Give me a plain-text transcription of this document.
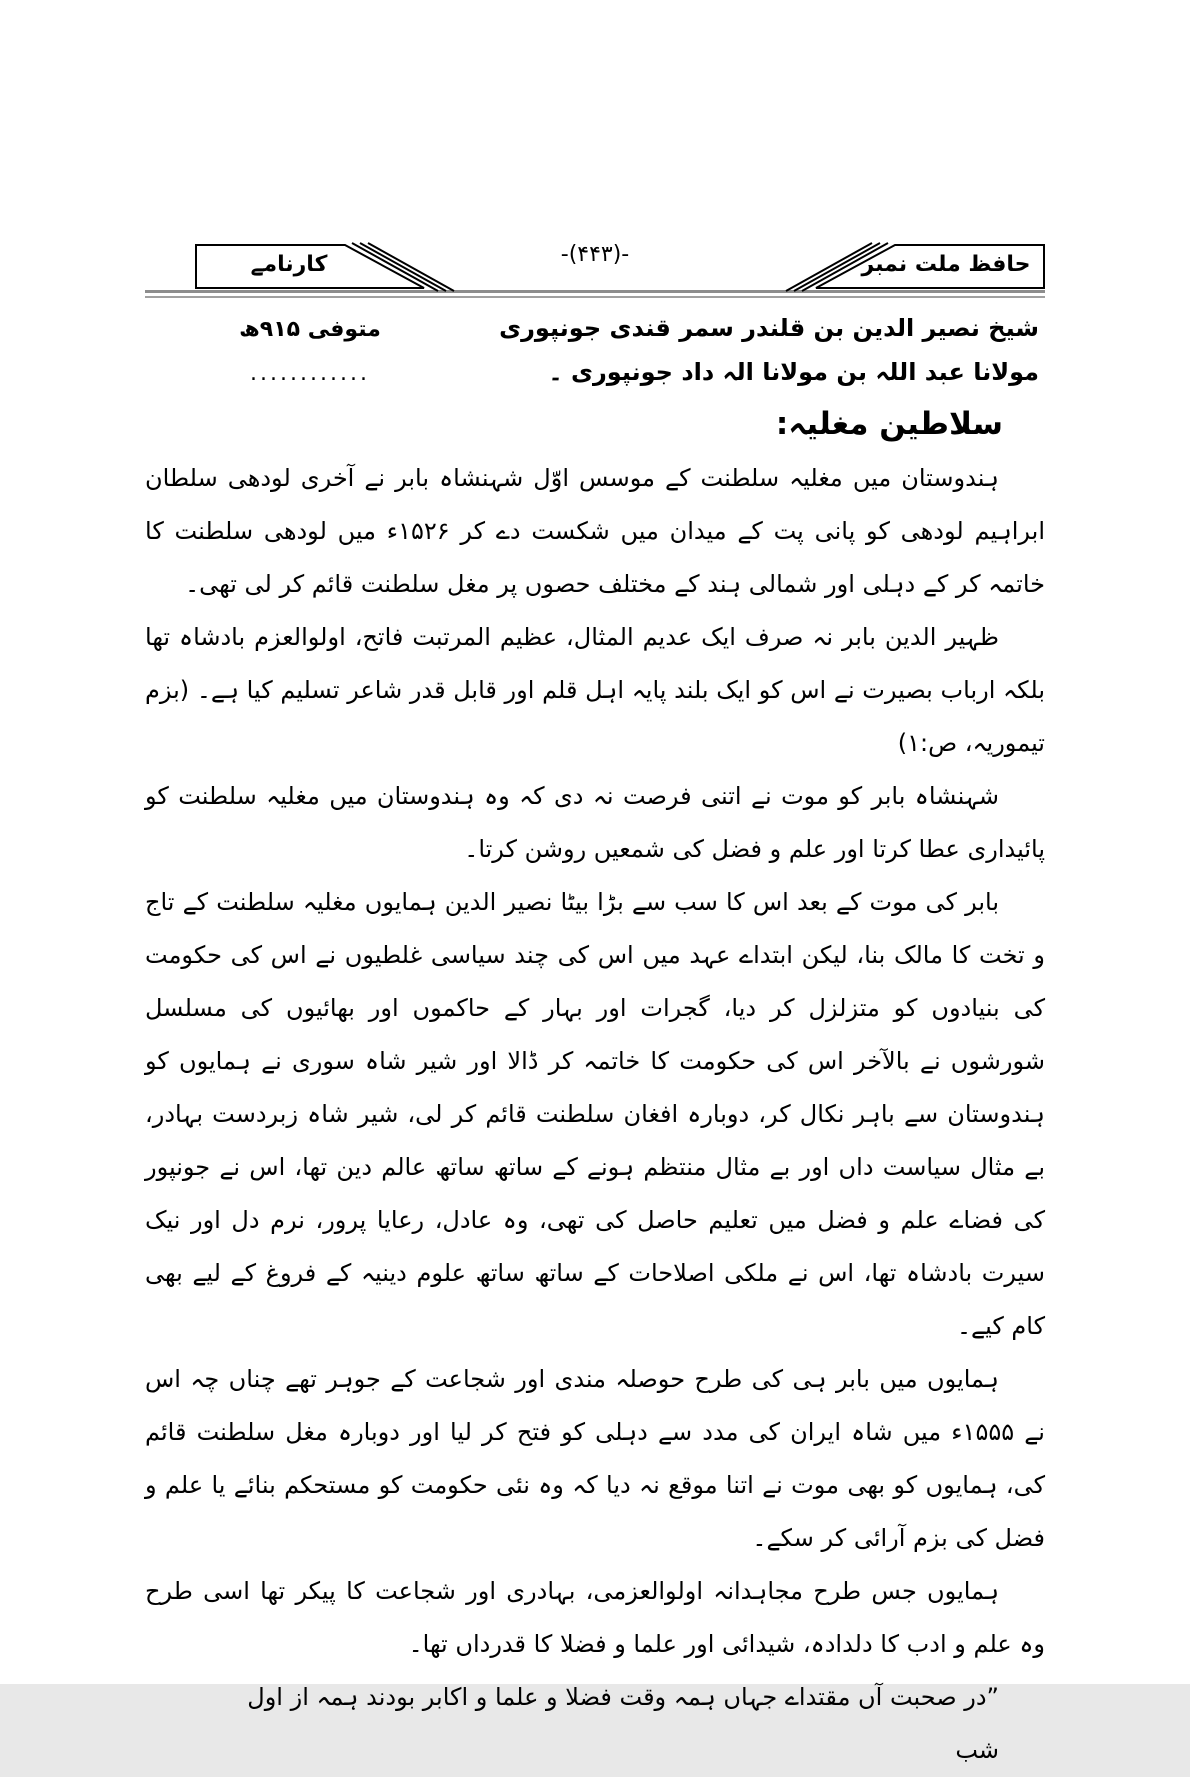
کارنامے	-(۴۴۳)-	حافظ ملت نمبر
شیخ نصیر الدین بن قلندر سمر قندی جونپوری
متوفی ۹۱۵ھ
مولانا عبد اللہ بن مولانا الہ داد جونپوری ۔
............
سلاطین مغلیہ:

ہندوستان میں مغلیہ سلطنت کے موسس اوّل شہنشاہ بابر نے آخری لودھی سلطان ابراہیم لودھی کو پانی پت کے میدان میں شکست دے کر ۱۵۲۶ء میں لودھی سلطنت کا خاتمہ کر کے دہلی اور شمالی ہند کے مختلف حصوں پر مغل سلطنت قائم کر لی تھی۔

ظہیر الدین بابر نہ صرف ایک عدیم المثال، عظیم المرتبت فاتح، اولوالعزم بادشاہ تھا بلکہ ارباب بصیرت نے اس کو ایک بلند پایہ اہل قلم اور قابل قدر شاعر تسلیم کیا ہے۔ (بزم تیموریہ، ص:۱)

شہنشاہ بابر کو موت نے اتنی فرصت نہ دی کہ وہ ہندوستان میں مغلیہ سلطنت کو پائیداری عطا کرتا اور علم و فضل کی شمعیں روشن کرتا۔

بابر کی موت کے بعد اس کا سب سے بڑا بیٹا نصیر الدین ہمایوں مغلیہ سلطنت کے تاج و تخت کا مالک بنا، لیکن ابتداے عہد میں اس کی چند سیاسی غلطیوں نے اس کی حکومت کی بنیادوں کو متزلزل کر دیا، گجرات اور بہار کے حاکموں اور بھائیوں کی مسلسل شورشوں نے بالآخر اس کی حکومت کا خاتمہ کر ڈالا اور شیر شاہ سوری نے ہمایوں کو ہندوستان سے باہر نکال کر، دوبارہ افغان سلطنت قائم کر لی، شیر شاہ زبردست بہادر، بے مثال سیاست داں اور بے مثال منتظم ہونے کے ساتھ ساتھ عالم دین تھا، اس نے جونپور کی فضاے علم و فضل میں تعلیم حاصل کی تھی، وہ عادل، رعایا پرور، نرم دل اور نیک سیرت بادشاہ تھا، اس نے ملکی اصلاحات کے ساتھ ساتھ علوم دینیہ کے فروغ کے لیے بھی کام کیے۔

ہمایوں میں بابر ہی کی طرح حوصلہ مندی اور شجاعت کے جوہر تھے چناں چہ اس نے ۱۵۵۵ء میں شاہ ایران کی مدد سے دہلی کو فتح کر لیا اور دوبارہ مغل سلطنت قائم کی، ہمایوں کو بھی موت نے اتنا موقع نہ دیا کہ وہ نئی حکومت کو مستحکم بنائے یا علم و فضل کی بزم آرائی کر سکے۔

ہمایوں جس طرح مجاہدانہ اولوالعزمی، بہادری اور شجاعت کا پیکر تھا اسی طرح وہ علم و ادب کا دلدادہ، شیدائی اور علما و فضلا کا قدرداں تھا۔

”در صحبت آں مقتداے جہاں ہمہ وقت فضلا و علما و اکابر بودند ہمہ از اول شب
